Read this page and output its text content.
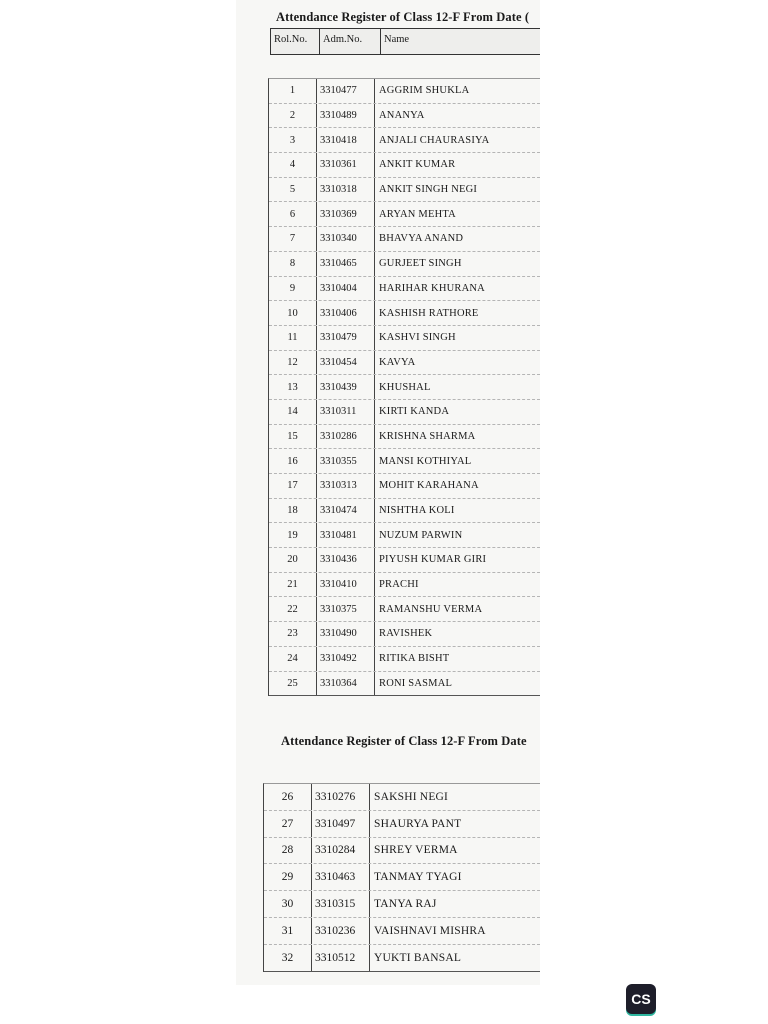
Attendance Register of Class 12-F From Date (
Rol.No.	Adm.No.	Name
1	3310477	AGGRIM SHUKLA
2	3310489	ANANYA
3	3310418	ANJALI CHAURASIYA
4	3310361	ANKIT KUMAR
5	3310318	ANKIT SINGH NEGI
6	3310369	ARYAN MEHTA
7	3310340	BHAVYA ANAND
8	3310465	GURJEET SINGH
9	3310404	HARIHAR KHURANA
10	3310406	KASHISH RATHORE
11	3310479	KASHVI SINGH
12	3310454	KAVYA
13	3310439	KHUSHAL
14	3310311	KIRTI KANDA
15	3310286	KRISHNA SHARMA
16	3310355	MANSI KOTHIYAL
17	3310313	MOHIT KARAHANA
18	3310474	NISHTHA KOLI
19	3310481	NUZUM PARWIN
20	3310436	PIYUSH KUMAR GIRI
21	3310410	PRACHI
22	3310375	RAMANSHU VERMA
23	3310490	RAVISHEK
24	3310492	RITIKA BISHT
25	3310364	RONI SASMAL
Attendance Register of Class 12-F From Date
26	3310276	SAKSHI NEGI
27	3310497	SHAURYA PANT
28	3310284	SHREY VERMA
29	3310463	TANMAY TYAGI
30	3310315	TANYA RAJ
31	3310236	VAISHNAVI MISHRA
32	3310512	YUKTI BANSAL
CS
